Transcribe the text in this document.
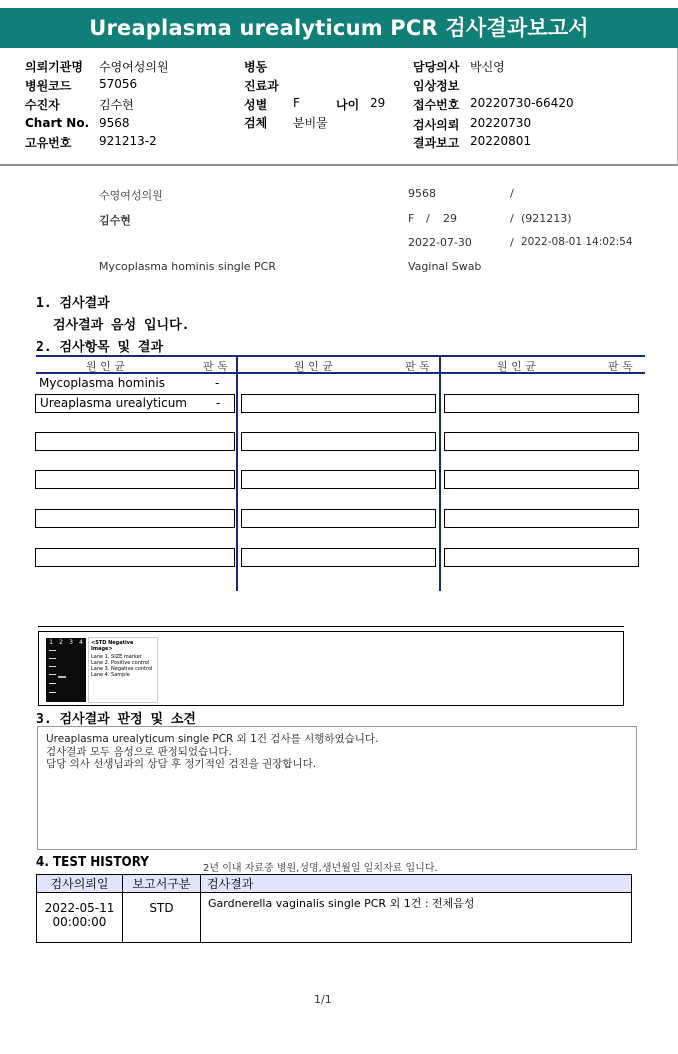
Ureaplasma urealyticum PCR 검사결과보고서
의뢰기관명 수영여성의원
병원코드 57056
수진자	김수현
Chart No. 9568
고유번호 921213-2
병동
진료과
성별 F	나이 29
검체 분비물
담당의사 박신영
임상정보
접수번호 20220730-66420
검사의뢰 20220730
결과보고 20220801
수영여성의원	9568	/
김수현	F / 29	/ (921213)
2022-07-30	/ 2022-08-01 14:02:54
Mycoplasma hominis single PCR	Vaginal Swab
1. 검사결과
검사결과 음성 입니다.
2. 검사항목 및 결과
원 인 균	판 독	원 인 균	판 독	원 인 균	판 독
Mycoplasma hominis	-
Ureaplasma urealyticum -
1 2 3 4 <STD Negative Image>
Lane 1. SIZE marker
Lane 2. Positive control
Lane 3. Negative control
Lane 4. Sample
3. 검사결과 판정 및 소견
Ureaplasma urealyticum single PCR 외 1건 검사를 시행하였습니다.
검사결과 모두 음성으로 판정되었습니다.
담당 의사 선생님과의 상담 후 정기적인 검진을 권장합니다.
4. TEST HISTORY	2년 이내 자료중 병원,성명,생년월일 일치자료 입니다.
검사의뢰일	보고서구분	검사결과

2022-05-11
00:00:00	STD	Gardnerella vaginalis single PCR 외 1건 : 전체음성
1/1
